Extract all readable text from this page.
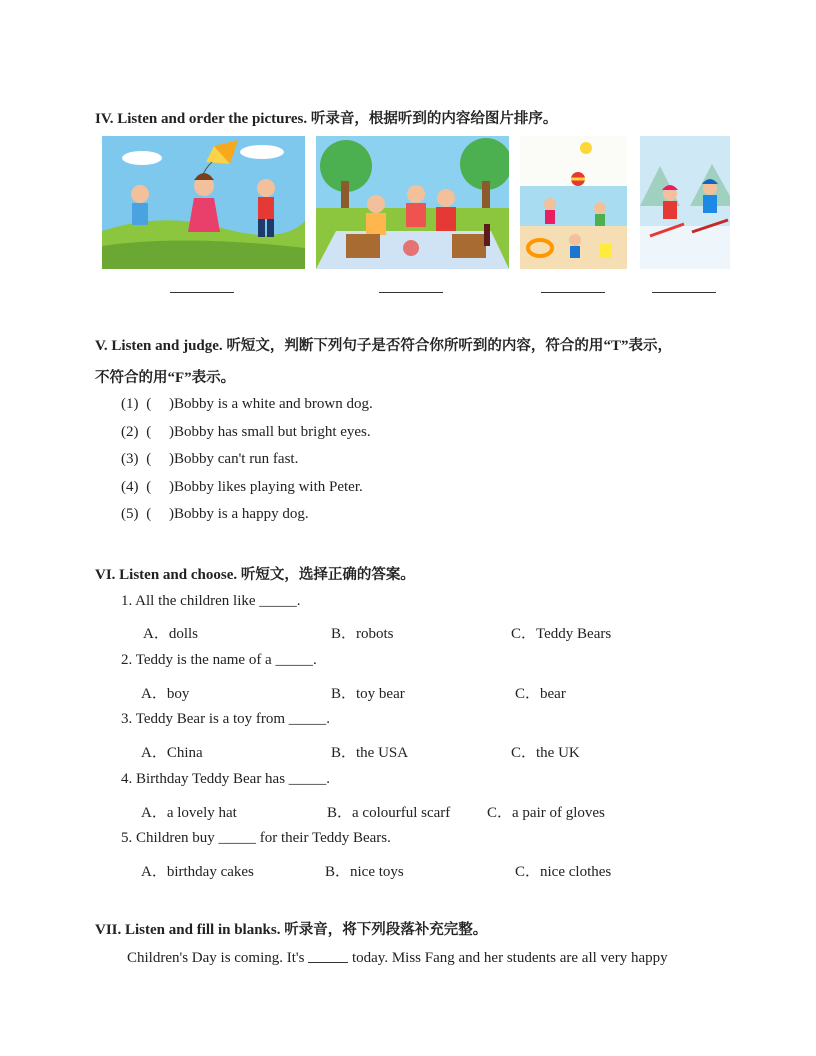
IV. Listen and order the pictures. 听录音，根据听到的内容给图片排序。
V. Listen and judge. 听短文，判断下列句子是否符合你所听到的内容，符合的用“T”表示，
不符合的用“F”表示。
(1) ( )Bobby is a white and brown dog.
(2) ( )Bobby has small but bright eyes.
(3) ( )Bobby can't run fast.
(4) ( )Bobby likes playing with Peter.
(5) ( )Bobby is a happy dog.
VI. Listen and choose. 听短文，选择正确的答案。
1. All the children like _____.
A．dolls	B．robots	C．Teddy Bears
2. Teddy is the name of a _____.
A．boy	B．toy bear	C．bear
3. Teddy Bear is a toy from _____.
A．China	B．the USA	C．the UK
4. Birthday Teddy Bear has _____.
A．a lovely hat	B．a colourful scarf C．a pair of gloves
5. Children buy _____ for their Teddy Bears.
A．birthday cakes	B．nice toys	C．nice clothes
VII. Listen and fill in blanks. 听录音，将下列段落补充完整。
Children's Day is coming. It's	today. Miss Fang and her students are all very happy
